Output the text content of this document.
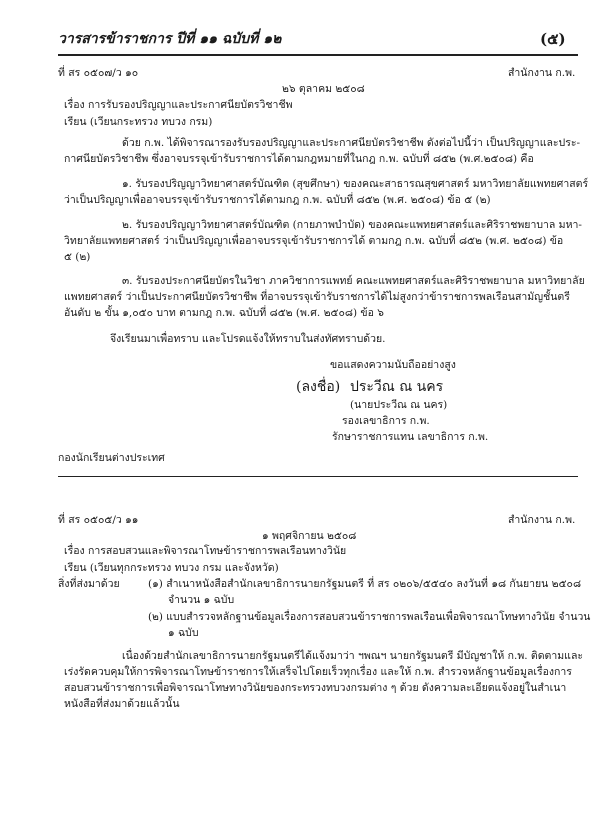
วารสารข้าราชการ ปีที่ ๑๑ ฉบับที่ ๑๒	(๕)
ที่ สร ๐๕๐๗/ว ๑๐	สำนักงาน ก.พ.
๒๖ ตุลาคม ๒๕๐๘
เรื่อง การรับรองปริญญาและประกาศนียบัตรวิชาชีพ
เรียน (เวียนกระทรวง ทบวง กรม)
ด้วย ก.พ. ได้พิจารณารองรับรองปริญญาและประกาศนียบัตรวิชาชีพ ดังต่อไปนี้ว่า เป็นปริญญาและประ-
กาศนียบัตรวิชาชีพ ซึ่งอาจบรรจุเข้ารับราชการได้ตามกฎหมายที่ในกฎ ก.พ. ฉบับที่ ๘๕๒ (พ.ศ.๒๕๐๘) คือ
๑. รับรองปริญญาวิทยาศาสตร์บัณฑิต (สุขศึกษา) ของคณะสาธารณสุขศาสตร์ มหาวิทยาลัยแพทยศาสตร์
ว่าเป็นปริญญาเพื่ออาจบรรจุเข้ารับราชการได้ตามกฎ ก.พ. ฉบับที่ ๘๕๒ (พ.ศ. ๒๕๐๘) ข้อ ๕ (๒)
๒. รับรองปริญญาวิทยาศาสตร์บัณฑิต (กายภาพบำบัด) ของคณะแพทยศาสตร์และศิริราชพยาบาล มหา-
วิทยาลัยแพทยศาสตร์ ว่าเป็นปริญญาเพื่ออาจบรรจุเข้ารับราชการได้ ตามกฎ ก.พ. ฉบับที่ ๘๕๒ (พ.ศ. ๒๕๐๘) ข้อ
๕ (๒)
๓. รับรองประกาศนียบัตรในวิชา ภาควิชาการแพทย์ คณะแพทยศาสตร์และศิริราชพยาบาล มหาวิทยาลัย
แพทยศาสตร์ ว่าเป็นประกาศนียบัตรวิชาชีพ ที่อาจบรรจุเข้ารับราชการได้ไม่สูงกว่าข้าราชการพลเรือนสามัญชั้นตรี
อันดับ ๒ ขั้น ๑,๐๕๐ บาท ตามกฎ ก.พ. ฉบับที่ ๘๕๒ (พ.ศ. ๒๕๐๘) ข้อ ๖
จึงเรียนมาเพื่อทราบ และโปรดแจ้งให้ทราบในส่งทัศทราบด้วย.
ขอแสดงความนับถืออย่างสูง
(ลงชื่อ) ประวีณ ณ นคร
(นายประวีณ ณ นคร)
รองเลขาธิการ ก.พ.
รักษาราชการแทน เลขาธิการ ก.พ.
กองนักเรียนต่างประเทศ
ที่ สร ๐๕๐๕/ว ๑๑	สำนักงาน ก.พ.
๑ พฤศจิกายน ๒๕๐๘
เรื่อง การสอบสวนและพิจารณาโทษข้าราชการพลเรือนทางวินัย
เรียน (เวียนทุกกระทรวง ทบวง กรม และจังหวัด)
สิ่งที่ส่งมาด้วย	(๑) สำเนาหนังสือสำนักเลขาธิการนายกรัฐมนตรี ที่ สร ๐๒๐๖/๕๕๔๐ ลงวันที่ ๑๘ กันยายน ๒๕๐๘
จำนวน ๑ ฉบับ
(๒) แบบสำรวจหลักฐานข้อมูลเรื่องการสอบสวนข้าราชการพลเรือนเพื่อพิจารณาโทษทางวินัย จำนวน
๑ ฉบับ
เนื่องด้วยสำนักเลขาธิการนายกรัฐมนตรีได้แจ้งมาว่า ฯพณฯ นายกรัฐมนตรี มีบัญชาให้ ก.พ. ติดตามและ
เร่งรัดควบคุมให้การพิจารณาโทษข้าราชการให้เสร็จไปโดยเร็วทุกเรื่อง และให้ ก.พ. สำรวจหลักฐานข้อมูลเรื่องการ
สอบสวนข้าราชการเพื่อพิจารณาโทษทางวินัยของกระทรวงทบวงกรมต่าง ๆ ด้วย ดังความละเอียดแจ้งอยู่ในสำเนา
หนังสือที่ส่งมาด้วยแล้วนั้น
